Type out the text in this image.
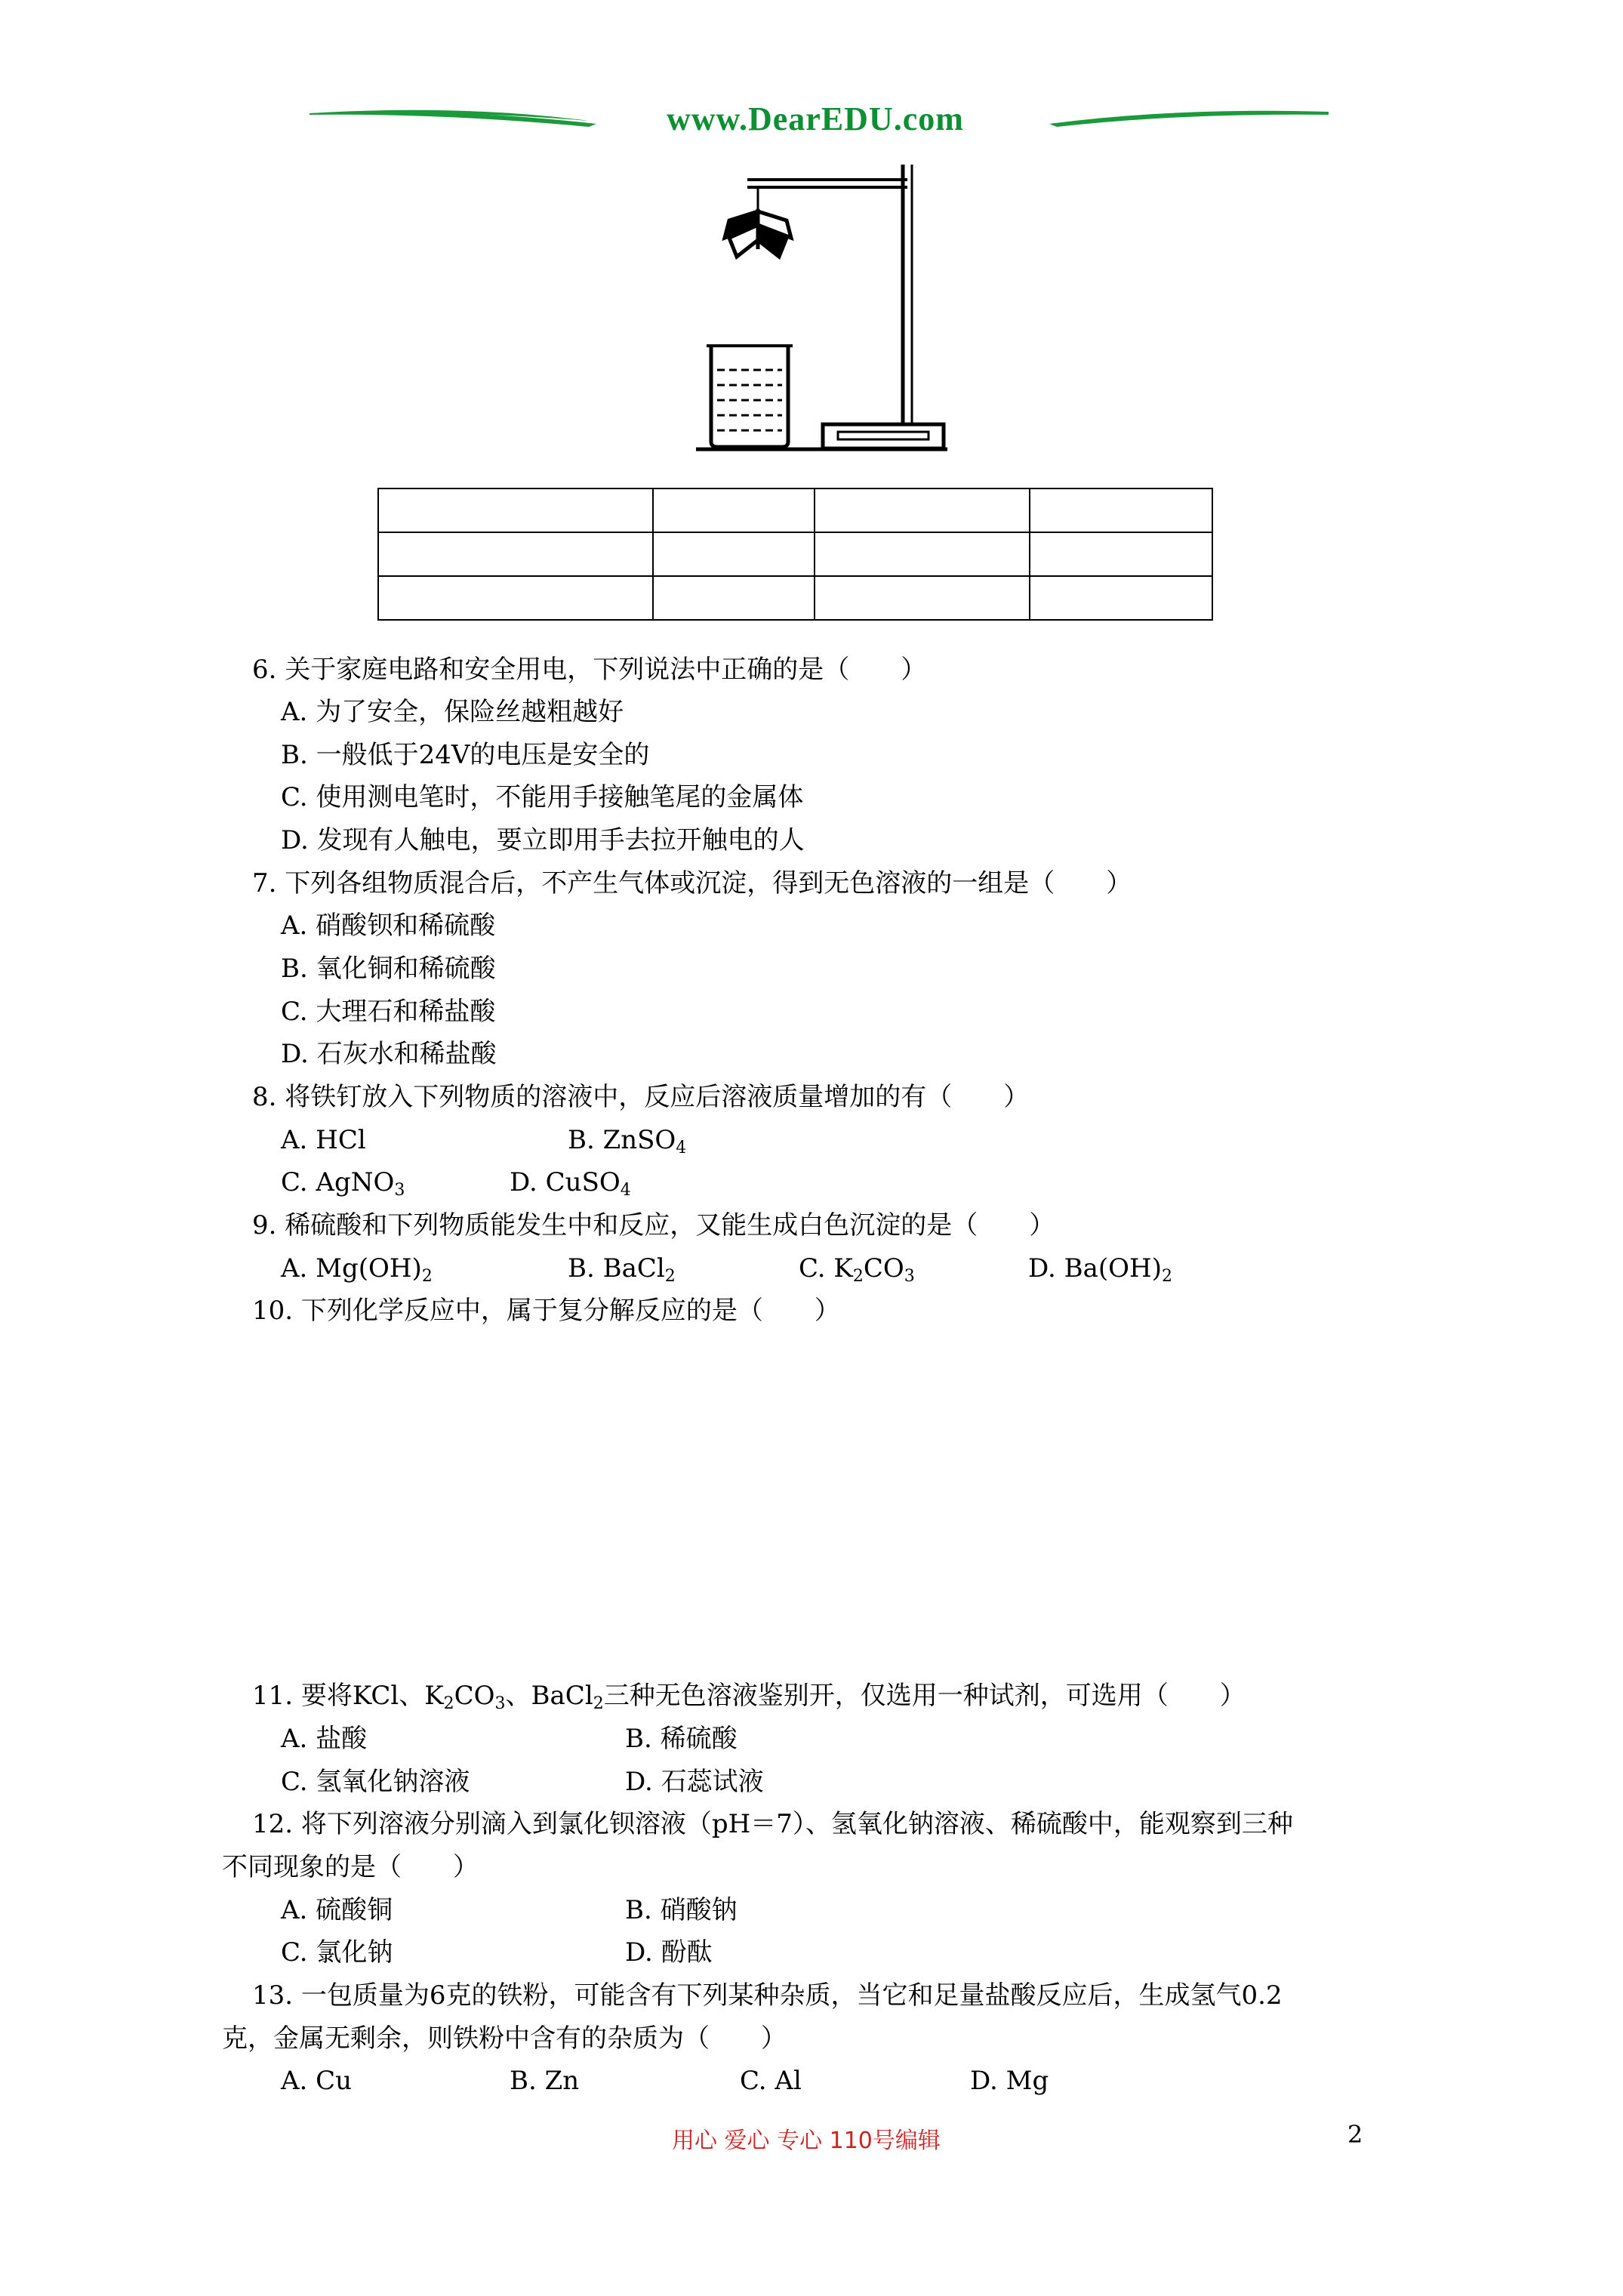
www.DearEDU.com

6. 关于家庭电路和安全用电，下列说法中正确的是（　　）
A. 为了安全，保险丝越粗越好
B. 一般低于24V的电压是安全的
C. 使用测电笔时，不能用手接触笔尾的金属体
D. 发现有人触电，要立即用手去拉开触电的人
7. 下列各组物质混合后，不产生气体或沉淀，得到无色溶液的一组是（　　）
A. 硝酸钡和稀硫酸
B. 氧化铜和稀硫酸
C. 大理石和稀盐酸
D. 石灰水和稀盐酸
8. 将铁钉放入下列物质的溶液中，反应后溶液质量增加的有（　　）
A. HCl	B. ZnSO$_4$
C. AgNO$_3$	D. CuSO$_4$
9. 稀硫酸和下列物质能发生中和反应，又能生成白色沉淀的是（　　）
A. $Mg(OH)_2$	B. BaCl$_2$	C. $K_2CO_3$	D. $Ba(OH)_2$
10. 下列化学反应中，属于复分解反应的是（　　）
11. 要将KCl、$K_2CO_3$、BaCl$_2$三种无色溶液鉴别开，仅选用一种试剂，可选用（　　）
A. 盐酸	B. 稀硫酸
C. 氢氧化钠溶液	D. 石蕊试液
12. 将下列溶液分别滴入到氯化钡溶液（pH＝7）、氢氧化钠溶液、稀硫酸中，能观察到三种
不同现象的是（　　）
A. 硫酸铜	B. 硝酸钠
C. 氯化钠	D. 酚酞
13. 一包质量为6克的铁粉，可能含有下列某种杂质，当它和足量盐酸反应后，生成氢气0.2
克，金属无剩余，则铁粉中含有的杂质为（　　）
A. Cu	B. Zn	C. Al	D. Mg
用心 爱心 专心 110号编辑	2
